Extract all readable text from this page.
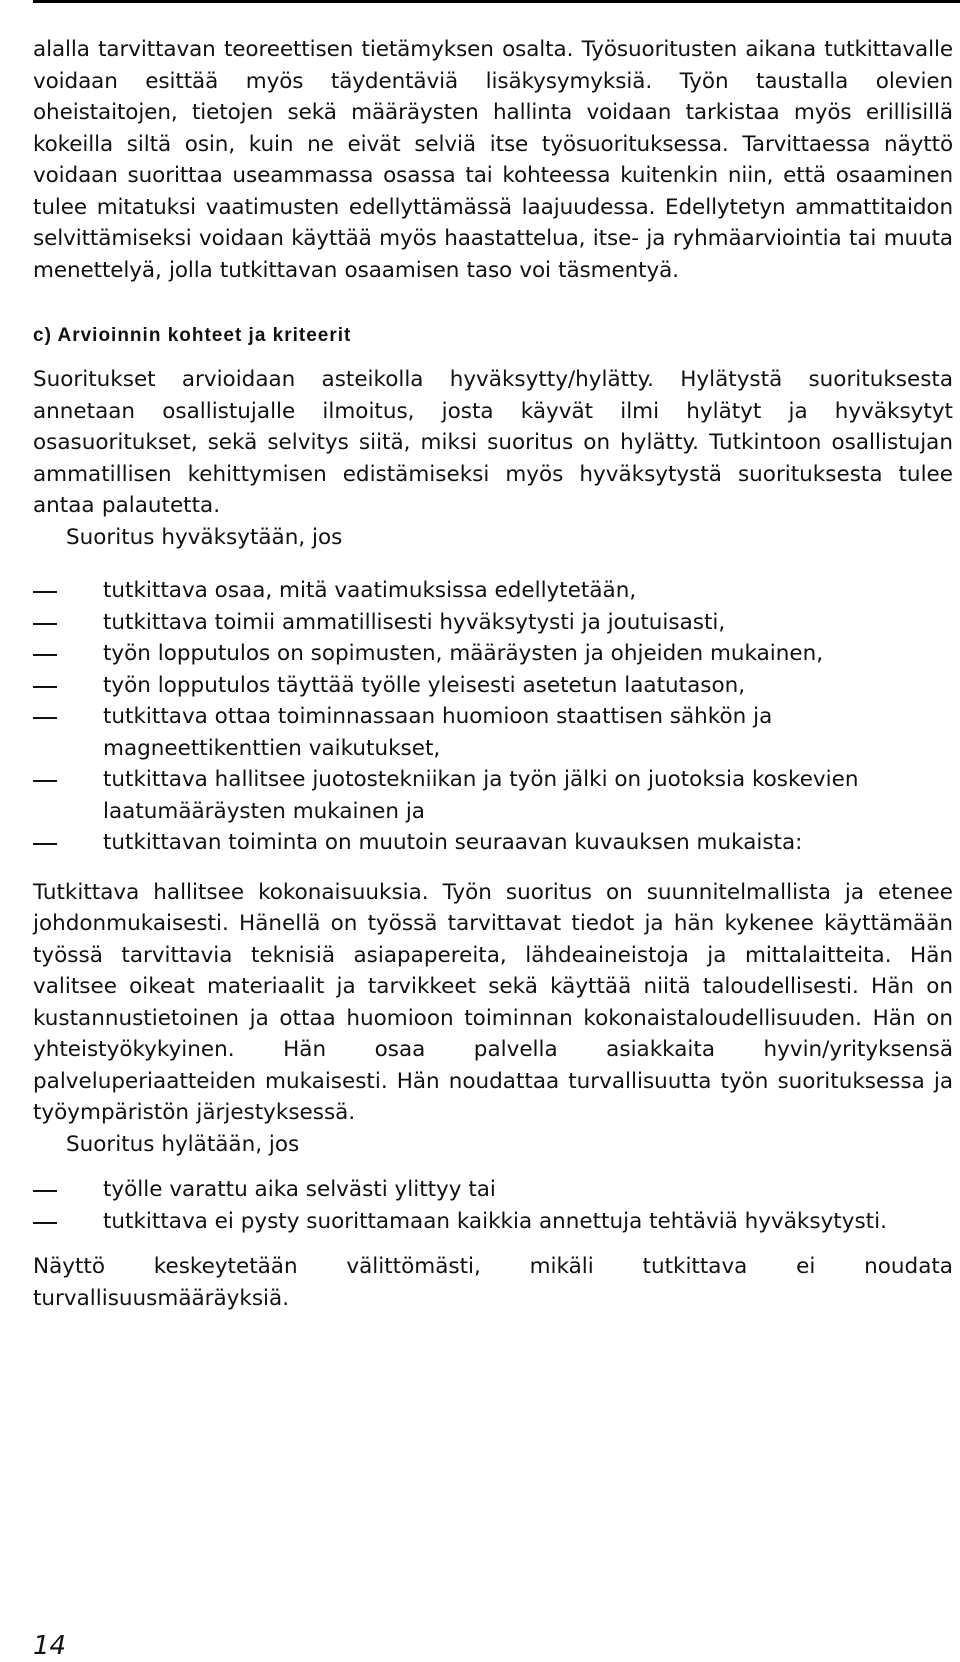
alalla tarvittavan teoreettisen tietämyksen osalta. Työsuoritusten aikana tutkittavalle voidaan esittää myös täydentäviä lisäkysymyksiä. Työn taustalla olevien oheistaitojen, tietojen sekä määräysten hallinta voidaan tarkistaa myös erillisillä kokeilla siltä osin, kuin ne eivät selviä itse työsuorituksessa. Tarvittaessa näyttö voidaan suorittaa useammassa osassa tai kohteessa kuitenkin niin, että osaaminen tulee mitatuksi vaatimusten edellyttämässä laajuudessa. Edellytetyn ammattitaidon selvittämiseksi voidaan käyttää myös haastattelua, itse- ja ryhmäarviointia tai muuta menettelyä, jolla tutkittavan osaamisen taso voi täsmentyä.

c) Arvioinnin kohteet ja kriteerit

Suoritukset arvioidaan asteikolla hyväksytty/hylätty. Hylätystä suorituksesta annetaan osallistujalle ilmoitus, josta käyvät ilmi hylätyt ja hyväksytyt osasuoritukset, sekä selvitys siitä, miksi suoritus on hylätty. Tutkintoon osallistujan ammatillisen kehittymisen edistämiseksi myös hyväksytystä suorituksesta tulee antaa palautetta.

Suoritus hyväksytään, jos

tutkittava osaa, mitä vaatimuksissa edellytetään,
tutkittava toimii ammatillisesti hyväksytysti ja joutuisasti,
työn lopputulos on sopimusten, määräysten ja ohjeiden mukainen,
työn lopputulos täyttää työlle yleisesti asetetun laatutason,
tutkittava ottaa toiminnassaan huomioon staattisen sähkön ja magneettikenttien vaikutukset,
tutkittava hallitsee juotostekniikan ja työn jälki on juotoksia koskevien laatumääräysten mukainen ja
tutkittavan toiminta on muutoin seuraavan kuvauksen mukaista:

Tutkittava hallitsee kokonaisuuksia. Työn suoritus on suunnitelmallista ja etenee johdonmukaisesti. Hänellä on työssä tarvittavat tiedot ja hän kykenee käyttämään työssä tarvittavia teknisiä asiapapereita, lähdeaineistoja ja mittalaitteita. Hän valitsee oikeat materiaalit ja tarvikkeet sekä käyttää niitä taloudellisesti. Hän on kustannustietoinen ja ottaa huomioon toiminnan kokonaistaloudellisuuden. Hän on yhteistyökykyinen. Hän osaa palvella asiakkaita hyvin/yrityksensä palveluperiaatteiden mukaisesti. Hän noudattaa turvallisuutta työn suorituksessa ja työympäristön järjestyksessä.

Suoritus hylätään, jos

työlle varattu aika selvästi ylittyy tai
tutkittava ei pysty suorittamaan kaikkia annettuja tehtäviä hyväksytysti.

Näyttö keskeytetään välittömästi, mikäli tutkittava ei noudata turvallisuusmääräyksiä.

14
